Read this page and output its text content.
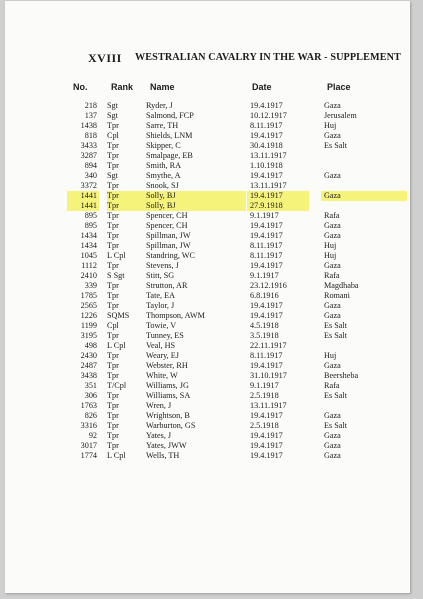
XVIII WESTRALIAN CAVALRY IN THE WAR - SUPPLEMENT
No.	Rank Name	Date	Place
218 Sgt	Ryder, J	19.4.1917	Gaza
137 Sgt	Salmond, FCP	10.12.1917	Jerusalem
1438 Tpr	Sarre, TH	8.11.1917	Huj
818 Cpl	Shields, LNM	19.4.1917	Gaza
3433 Tpr	Skipper, C	30.4.1918	Es Salt
3287 Tpr	Smalpage, EB	13.11.1917
894 Tpr	Smith, RA	1.10.1918
340 Sgt	Smythe, A	19.4.1917	Gaza
3372 Tpr	Snook, SJ	13.11.1917
1441 Tpr	Solly, BJ	19.4.1917	Gaza
1441 Tpr	Solly, BJ	27.9.1918
895 Tpr	Spencer, CH	9.1.1917	Rafa
895 Tpr	Spencer, CH	19.4.1917	Gaza
1434 Tpr	Spillman, JW	19.4.1917	Gaza
1434 Tpr	Spillman, JW	8.11.1917	Huj
1045 L Cpl	Standring, WC	8.11.1917	Huj
1112 Tpr	Stevens, J	19.4.1917	Gaza
2410 S Sgt	Stitt, SG	9.1.1917	Rafa
339 Tpr	Strutton, AR	23.12.1916	Magdhaba
1785 Tpr	Tate, EA	6.8.1916	Romani
2565 Tpr	Taylor, J	19.4.1917	Gaza
1226 SQMS	Thompson, AWM	19.4.1917	Gaza
1199 Cpl	Towie, V	4.5.1918	Es Salt
3195 Tpr	Tunney, ES	3.5.1918	Es Salt
498 L Cpl	Veal, HS	22.11.1917
2430 Tpr	Weary, EJ	8.11.1917	Huj
2487 Tpr	Webster, RH	19.4.1917	Gaza
3438 Tpr	White, W	31.10.1917	Beersheba
351 T/Cpl	Williams, JG	9.1.1917	Rafa
306 Tpr	Williams, SA	2.5.1918	Es Salt
1763 Tpr	Wren, J	13.11.1917
826 Tpr	Wrightson, B	19.4.1917	Gaza
3316 Tpr	Warburton, GS	2.5.1918	Es Salt
92 Tpr	Yates, J	19.4.1917	Gaza
3017 Tpr	Yates, JWW	19.4.1917	Gaza
1774 L Cpl	Wells, TH	19.4.1917	Gaza
